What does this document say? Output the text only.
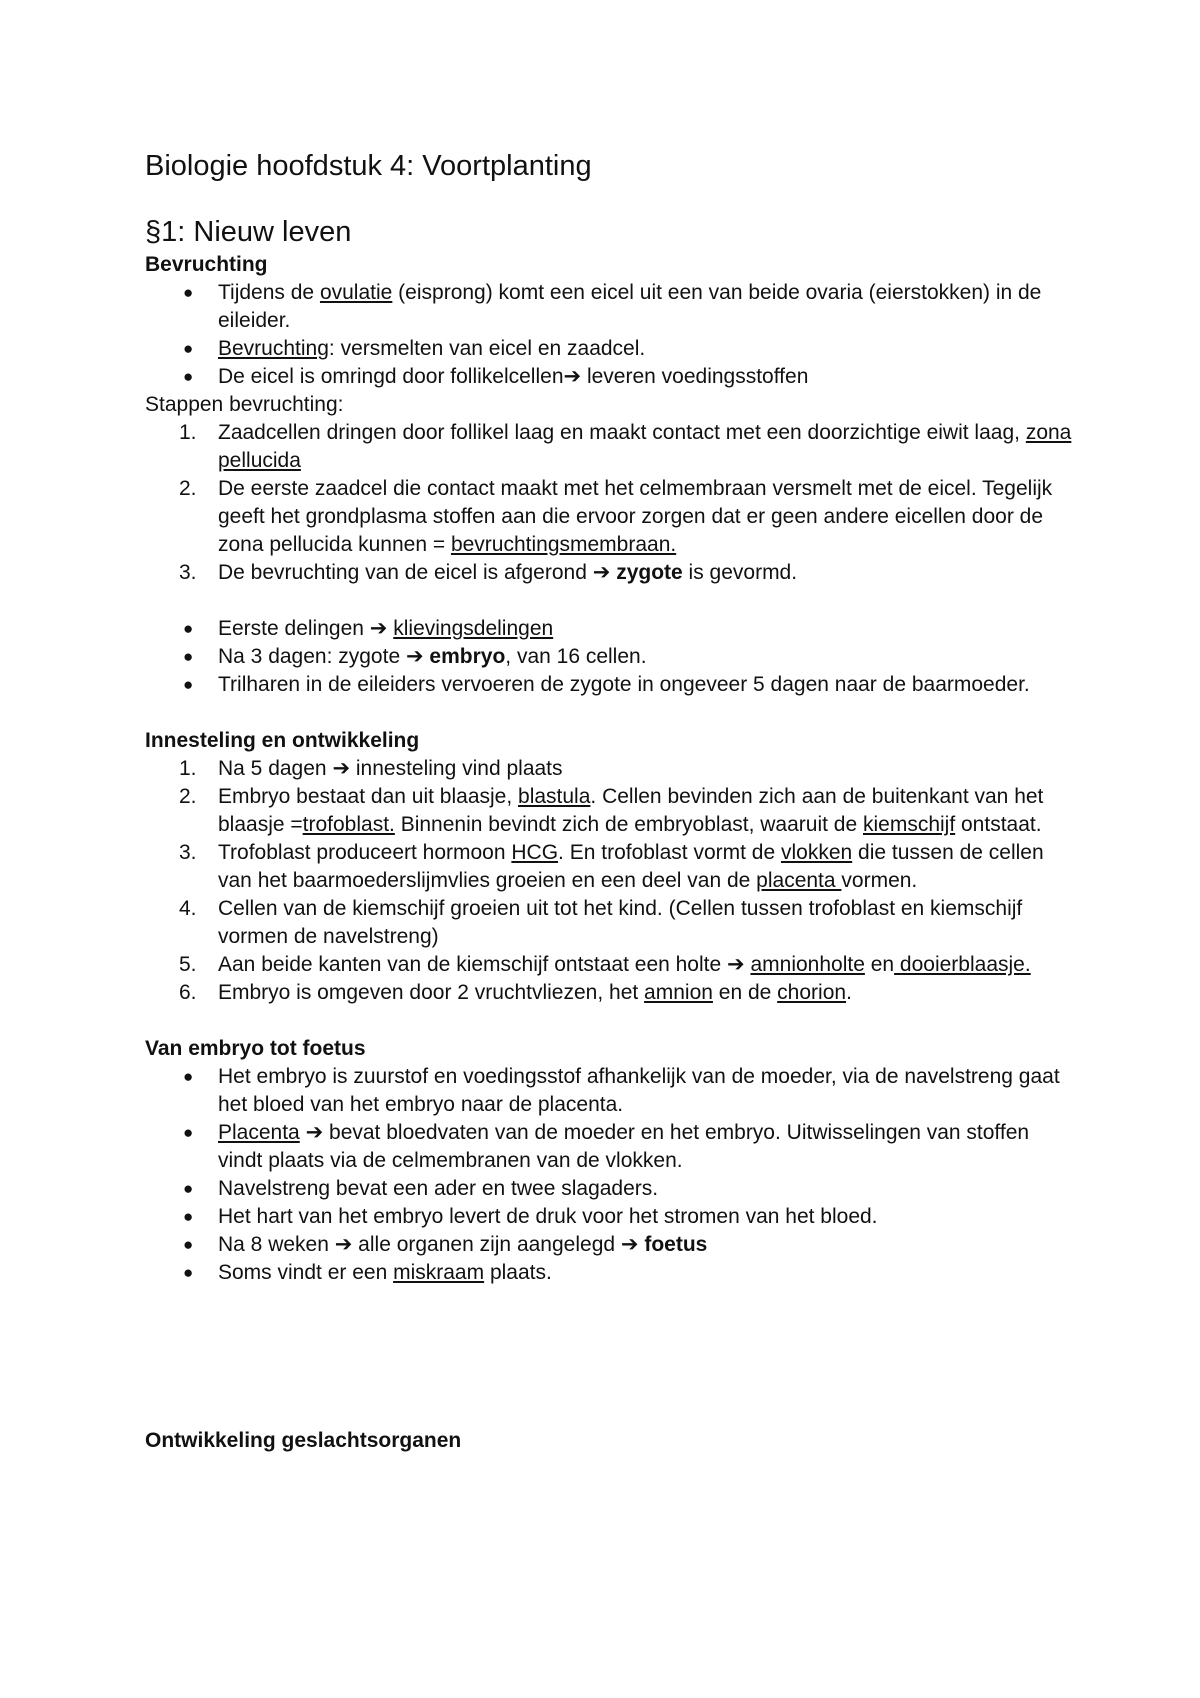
Biologie hoofdstuk 4: Voortplanting
§1: Nieuw leven

Bevruchting

●	Tijdens de ovulatie (eisprong) komt een eicel uit een van beide ovaria (eierstokken) in de eileider.
●	Bevruchting: versmelten van eicel en zaadcel.
●	De eicel is omringd door follikelcellen➔ leveren voedingsstoffen

Stappen bevruchting:

1.	Zaadcellen dringen door follikel laag en maakt contact met een doorzichtige eiwit laag, zona pellucida
2.	De eerste zaadcel die contact maakt met het celmembraan versmelt met de eicel. Tegelijk geeft het grondplasma stoffen aan die ervoor zorgen dat er geen andere eicellen door de zona pellucida kunnen = bevruchtingsmembraan.
3.	De bevruchting van de eicel is afgerond ➔ zygote is gevormd.
●	Eerste delingen ➔ klievingsdelingen
●	Na 3 dagen: zygote ➔ embryo, van 16 cellen.
●	Trilharen in de eileiders vervoeren de zygote in ongeveer 5 dagen naar de baarmoeder.

Innesteling en ontwikkeling

1.	Na 5 dagen ➔ innesteling vind plaats
2.	Embryo bestaat dan uit blaasje, blastula. Cellen bevinden zich aan de buitenkant van het blaasje =trofoblast. Binnenin bevindt zich de embryoblast, waaruit de kiemschijf ontstaat.
3.	Trofoblast produceert hormoon HCG. En trofoblast vormt de vlokken die tussen de cellen van het baarmoederslijmvlies groeien en een deel van de placenta vormen.
4.	Cellen van de kiemschijf groeien uit tot het kind. (Cellen tussen trofoblast en kiemschijf vormen de navelstreng)
5.	Aan beide kanten van de kiemschijf ontstaat een holte ➔ amnionholte en dooierblaasje.
6.	Embryo is omgeven door 2 vruchtvliezen, het amnion en de chorion.

Van embryo tot foetus

●	Het embryo is zuurstof en voedingsstof afhankelijk van de moeder, via de navelstreng gaat het bloed van het embryo naar de placenta.
●	Placenta ➔ bevat bloedvaten van de moeder en het embryo. Uitwisselingen van stoffen vindt plaats via de celmembranen van de vlokken.
●	Navelstreng bevat een ader en twee slagaders.
●	Het hart van het embryo levert de druk voor het stromen van het bloed.
●	Na 8 weken ➔ alle organen zijn aangelegd ➔ foetus
●	Soms vindt er een miskraam plaats.

Ontwikkeling geslachtsorganen
